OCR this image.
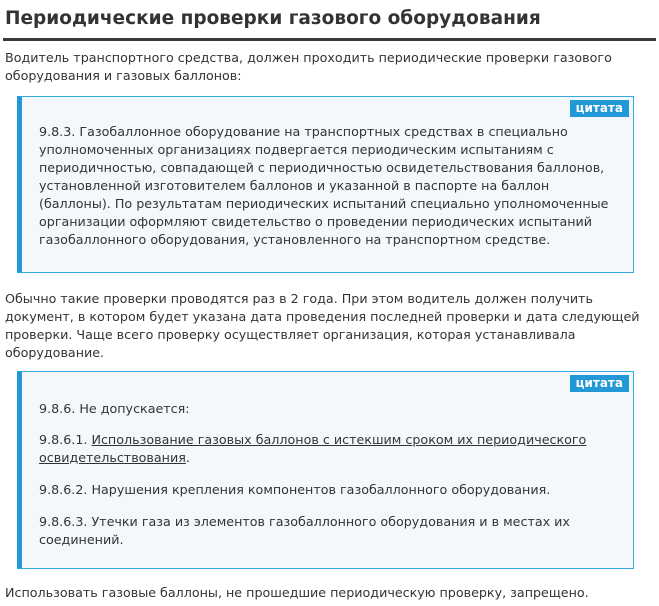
Периодические проверки газового оборудования

Водитель транспортного средства, должен проходить периодические проверки газового оборудования и газовых баллонов:

цитата

9.8.3. Газобаллонное оборудование на транспортных средствах в специально уполномоченных организациях подвергается периодическим испытаниям с периодичностью, совпадающей с периодичностью освидетельствования баллонов, установленной изготовителем баллонов и указанной в паспорте на баллон (баллоны). По результатам периодических испытаний специально уполномоченные организации оформляют свидетельство о проведении периодических испытаний газобаллонного оборудования, установленного на транспортном средстве.

Обычно такие проверки проводятся раз в 2 года. При этом водитель должен получить документ, в котором будет указана дата проведения последней проверки и дата следующей проверки. Чаще всего проверку осуществляет организация, которая устанавливала оборудование.

цитата

9.8.6. Не допускается:

9.8.6.1. Использование газовых баллонов с истекшим сроком их периодического освидетельствования.

9.8.6.2. Нарушения крепления компонентов газобаллонного оборудования.

9.8.6.3. Утечки газа из элементов газобаллонного оборудования и в местах их соединений.

Использовать газовые баллоны, не прошедшие периодическую проверку, запрещено.
